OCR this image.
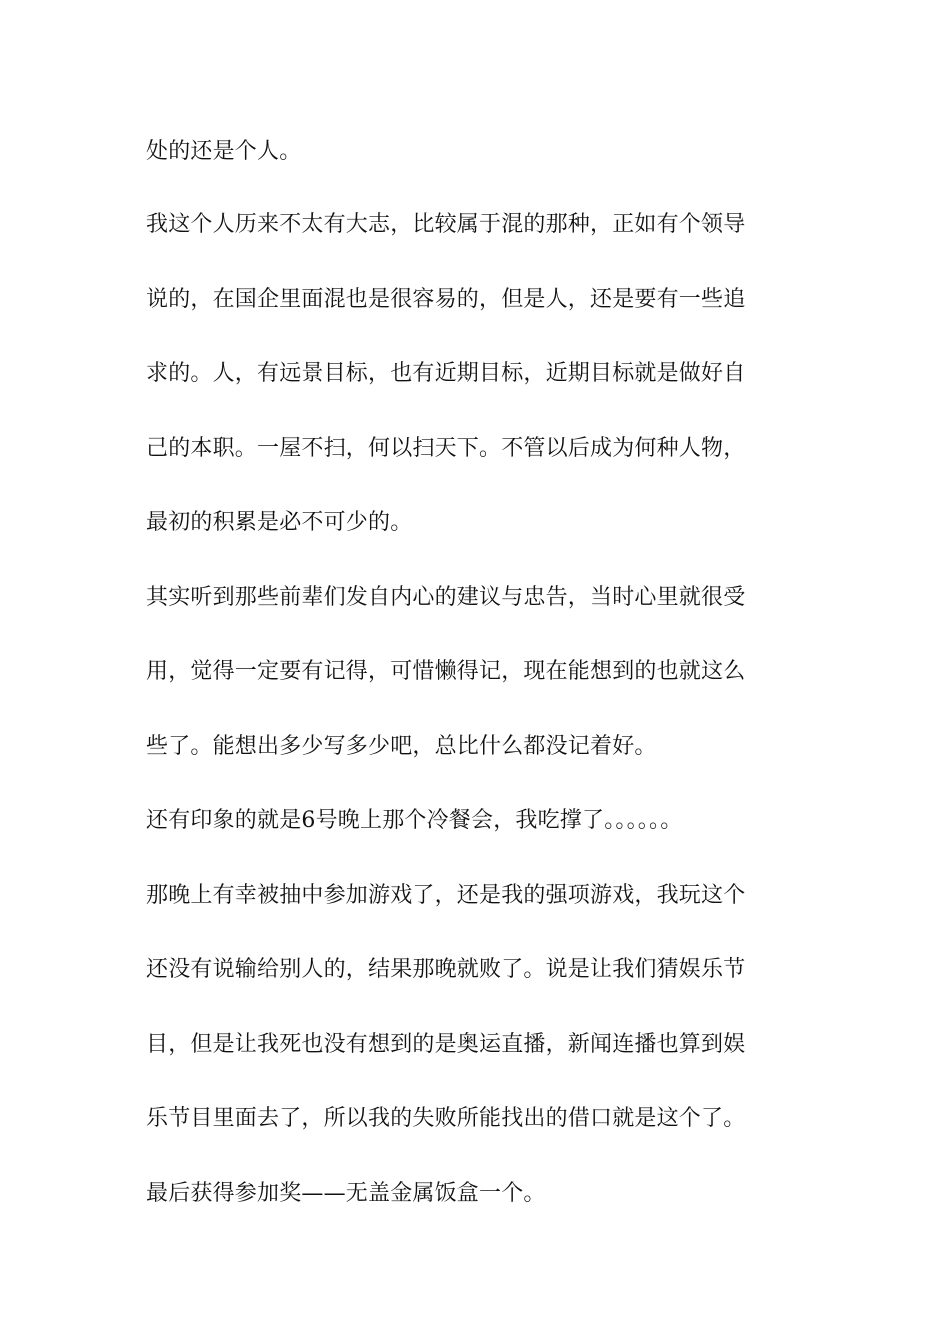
处的还是个人。
我这个人历来不太有大志，比较属于混的那种，正如有个领导
说的，在国企里面混也是很容易的，但是人，还是要有一些追
求的。人，有远景目标，也有近期目标，近期目标就是做好自
己的本职。一屋不扫，何以扫天下。不管以后成为何种人物，
最初的积累是必不可少的。
其实听到那些前辈们发自内心的建议与忠告，当时心里就很受
用，觉得一定要有记得，可惜懒得记，现在能想到的也就这么
些了。能想出多少写多少吧，总比什么都没记着好。
还有印象的就是6号晚上那个冷餐会，我吃撑了。。。。。。
那晚上有幸被抽中参加游戏了，还是我的强项游戏，我玩这个
还没有说输给别人的，结果那晚就败了。说是让我们猜娱乐节
目，但是让我死也没有想到的是奥运直播，新闻连播也算到娱
乐节目里面去了，所以我的失败所能找出的借口就是这个了。
最后获得参加奖——无盖金属饭盒一个。
